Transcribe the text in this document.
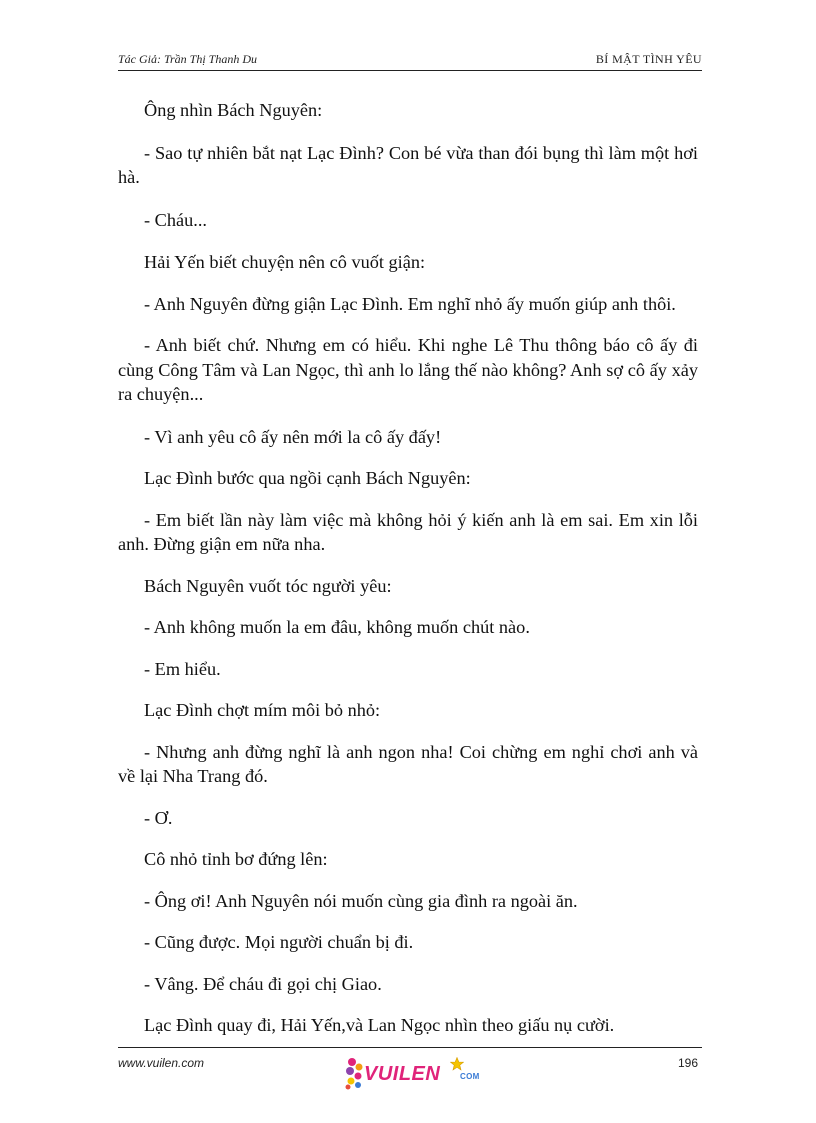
Tác Giả: Trần Thị Thanh Du	BÍ MẬT TÌNH YÊU

Ông nhìn Bách Nguyên:

- Sao tự nhiên bắt nạt Lạc Đình? Con bé vừa than đói bụng thì làm một hơi hà.

- Cháu...

Hải Yến biết chuyện nên cô vuốt giận:

- Anh Nguyên đừng giận Lạc Đình. Em nghĩ nhỏ ấy muốn giúp anh thôi.

- Anh biết chứ. Nhưng em có hiểu. Khi nghe Lê Thu thông báo cô ấy đi cùng Công Tâm và Lan Ngọc, thì anh lo lắng thế nào không? Anh sợ cô ấy xảy ra chuyện...

- Vì anh yêu cô ấy nên mới la cô ấy đấy!

Lạc Đình bước qua ngồi cạnh Bách Nguyên:

- Em biết lần này làm việc mà không hỏi ý kiến anh là em sai. Em xin lỗi anh. Đừng giận em nữa nha.

Bách Nguyên vuốt tóc người yêu:

- Anh không muốn la em đâu, không muốn chút nào.

- Em hiểu.

Lạc Đình chợt mím môi bỏ nhỏ:

- Nhưng anh đừng nghĩ là anh ngon nha! Coi chừng em nghỉ chơi anh và về lại Nha Trang đó.

- Ơ.

Cô nhỏ tỉnh bơ đứng lên:

- Ông ơi! Anh Nguyên nói muốn cùng gia đình ra ngoài ăn.

- Cũng được. Mọi người chuẩn bị đi.

- Vâng. Để cháu đi gọi chị Giao.

Lạc Đình quay đi, Hải Yến,và Lan Ngọc nhìn theo giấu nụ cười.

www.vuilen.com	VUILEN COM
196
